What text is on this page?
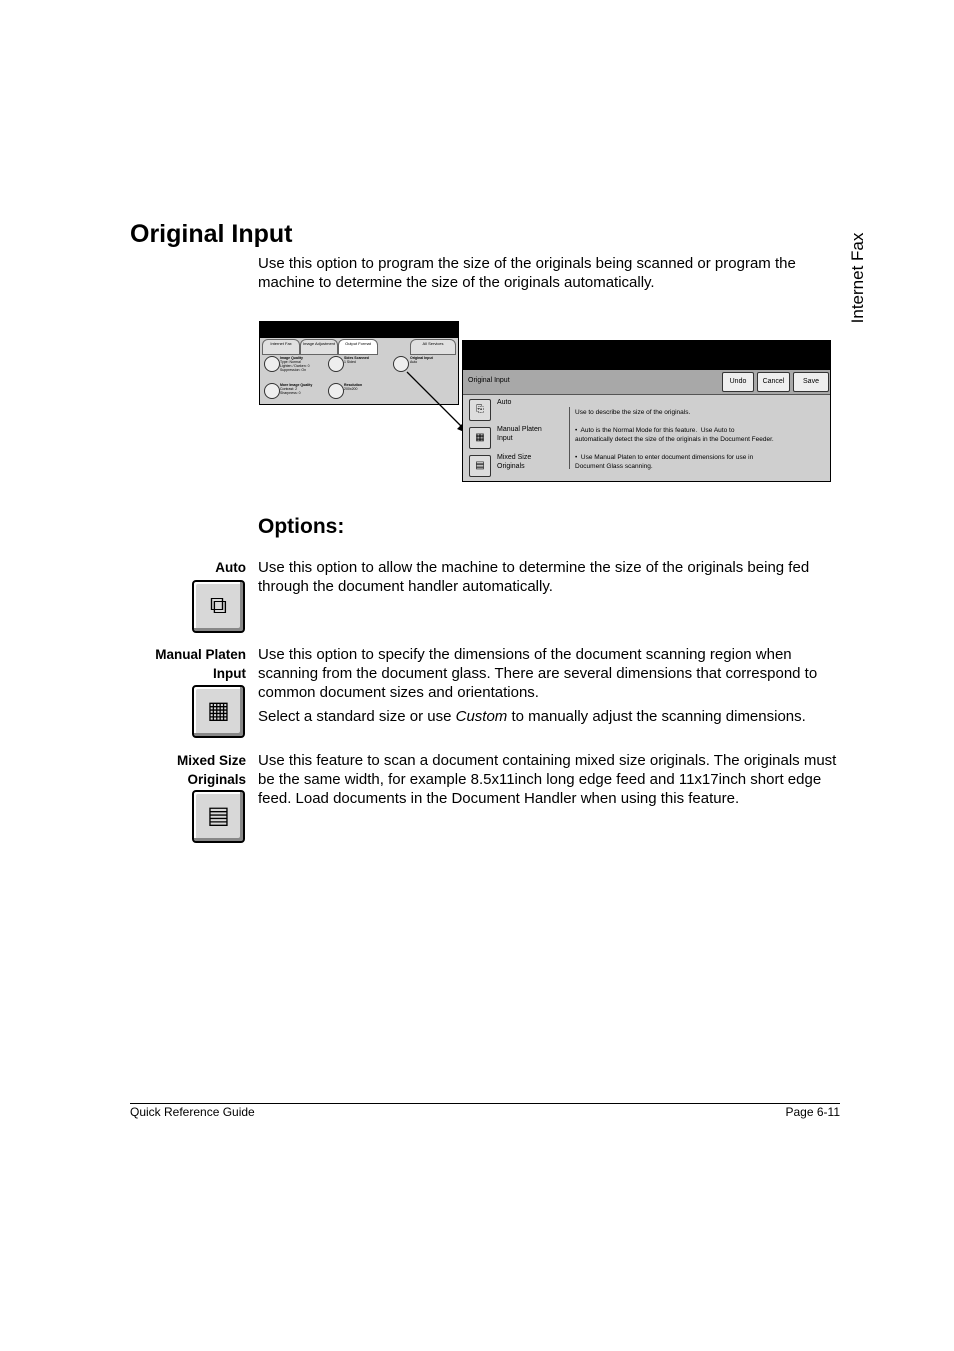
Original Input	Internet Fax
Use this option to program the size of the originals being scanned or program the machine to determine the size of the originals automatically.
Internet Fax	Image Adjustment	Output Format	All Services
Image Quality
Type: Normal
Lighten / Darken: 0
Suppression: On
Sides Scanned
1 Sided
Original Input
Auto
More Image Quality
Contrast: 2
Sharpness: 0
Resolution
200x200
Original Input	Undo	Cancel	Save
⎘
Auto
▦
Manual Platen
Input
▤
Mixed Size
Originals
Use to describe the size of the originals.

•  Auto is the Normal Mode for this feature.  Use Auto to
automatically detect the size of the originals in the Document Feeder.

•  Use Manual Platen to enter document dimensions for use in
Document Glass scanning.
Options:
Auto
⧉
Use this option to allow the machine to determine the size of the originals being fed through the document handler automatically.
Manual Platen
Input
▦
Use this option to specify the dimensions of the document scanning region when scanning from the document glass. There are several dimensions that correspond to common document sizes and orientations.
Select a standard size or use Custom to manually adjust the scanning dimensions.
Mixed Size
Originals
▤
Use this feature to scan a document containing mixed size originals. The originals must be the same width, for example 8.5x11inch long edge feed and 11x17inch short edge feed. Load documents in the Document Handler when using this feature.
Quick Reference Guide	Page 6-11
